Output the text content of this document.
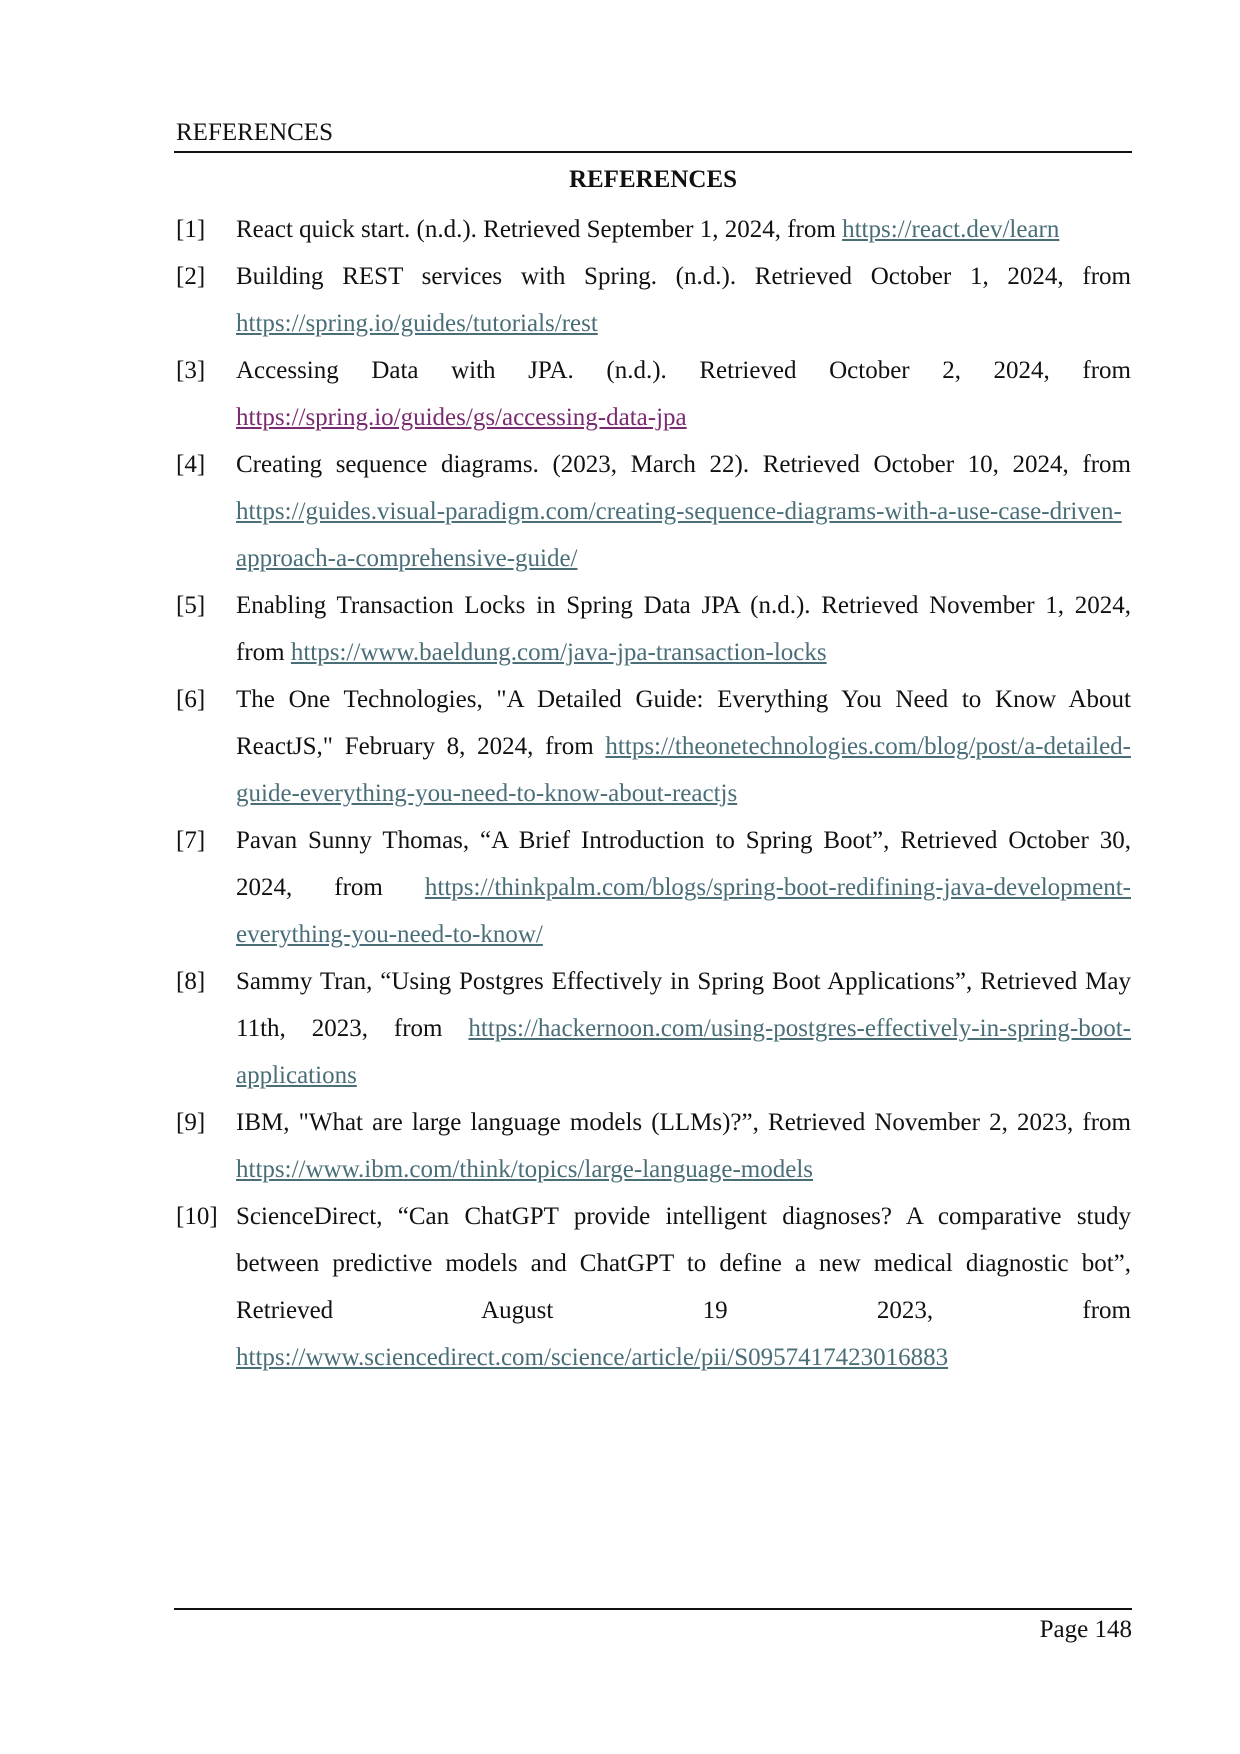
REFERENCES
REFERENCES
[1]	React quick start. (n.d.). Retrieved September 1, 2024, from https://react.dev/learn
[2]	Building REST services with Spring. (n.d.). Retrieved October 1, 2024, from https://spring.io/guides/tutorials/rest
[3]	Accessing Data with JPA. (n.d.). Retrieved October 2, 2024, from https://spring.io/guides/gs/accessing-data-jpa
[4]	Creating sequence diagrams. (2023, March 22). Retrieved October 10, 2024, from https://guides.visual-paradigm.com/creating-sequence-diagrams-with-a-use-case-driven-approach-a-comprehensive-guide/
[5]	Enabling Transaction Locks in Spring Data JPA (n.d.). Retrieved November 1, 2024, from https://www.baeldung.com/java-jpa-transaction-locks
[6]	The One Technologies, "A Detailed Guide: Everything You Need to Know About ReactJS," February 8, 2024, from https://theonetechnologies.com/blog/post/a-detailed-guide-everything-you-need-to-know-about-reactjs
[7]	Pavan Sunny Thomas, “A Brief Introduction to Spring Boot”, Retrieved October 30, 2024, from https://thinkpalm.com/blogs/spring-boot-redifining-java-development-everything-you-need-to-know/
[8]	Sammy Tran, “Using Postgres Effectively in Spring Boot Applications”, Retrieved May 11th, 2023, from https://hackernoon.com/using-postgres-effectively-in-spring-boot-applications
[9]	IBM, "What are large language models (LLMs)?”, Retrieved November 2, 2023, from https://www.ibm.com/think/topics/large-language-models
[10] ScienceDirect, “Can ChatGPT provide intelligent diagnoses? A comparative study between predictive models and ChatGPT to define a new medical diagnostic bot”, Retrieved August 19 2023, from https://www.sciencedirect.com/science/article/pii/S0957417423016883
Page 148
